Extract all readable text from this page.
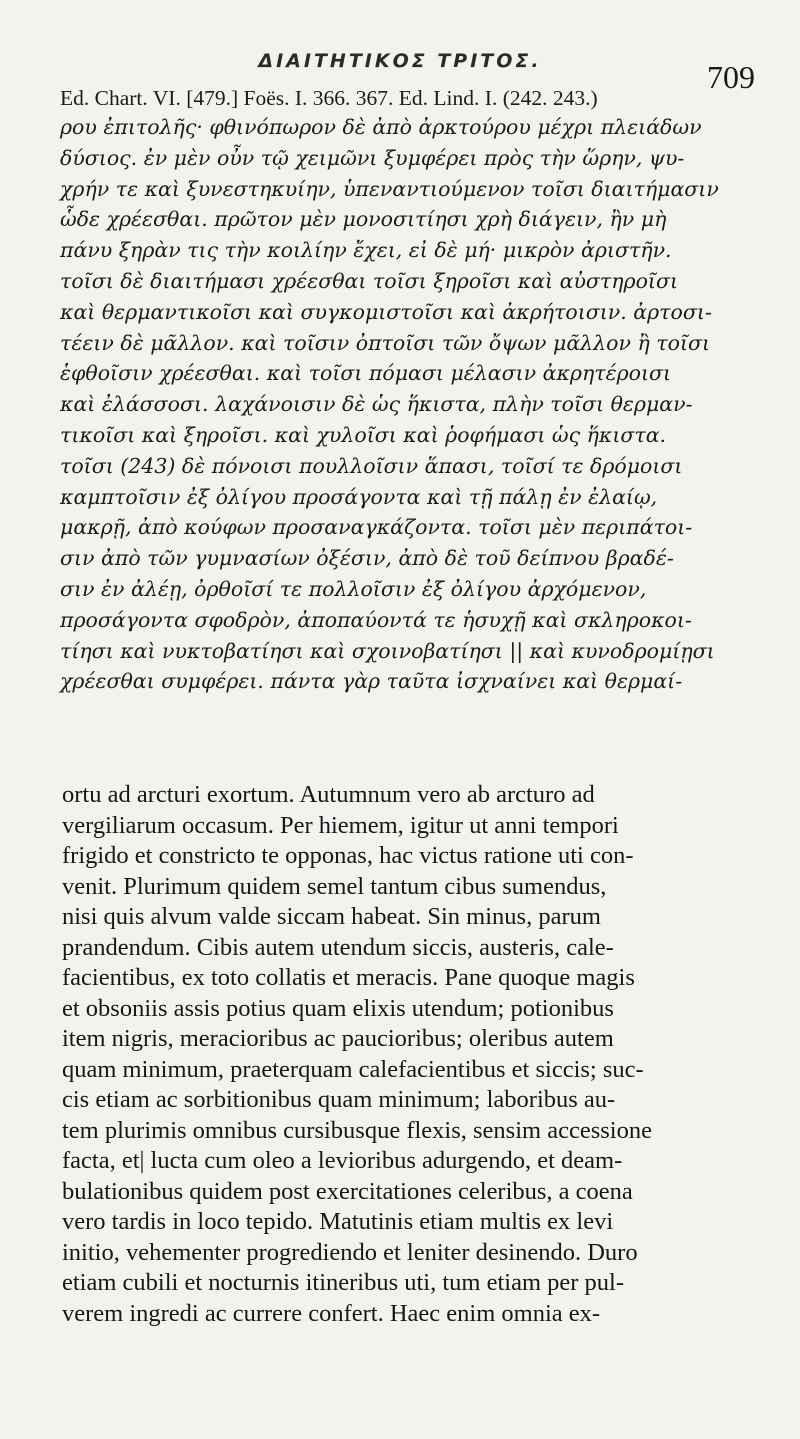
ΔΙΑΙΤΗΤΙΚΟΣ ΤΡΙΤΟΣ.	709
Ed. Chart. VI. [479.] Foës. I. 366. 367. Ed. Lind. I. (242. 243.)
ρου ἐπιτολῆς· φθινόπωρον δὲ ἀπὸ ἀρκτούρου μέχρι πλειάδων
δύσιος. ἐν μὲν οὖν τῷ χειμῶνι ξυμφέρει πρὸς τὴν ὥρην, ψυ-
χρήν τε καὶ ξυνεστηκυίην, ὑπεναντιούμενον τοῖσι διαιτήμασιν
ὧδε χρέεσθαι. πρῶτον μὲν μονοσιτίησι χρὴ διάγειν, ἢν μὴ
πάνυ ξηρὰν τις τὴν κοιλίην ἔχει, εἰ δὲ μή· μικρὸν ἀριστῆν.
τοῖσι δὲ διαιτήμασι χρέεσθαι τοῖσι ξηροῖσι καὶ αὐστηροῖσι
καὶ θερμαντικοῖσι καὶ συγκομιστοῖσι καὶ ἀκρήτοισιν. ἀρτοσι-
τέειν δὲ μᾶλλον. καὶ τοῖσιν ὀπτοῖσι τῶν ὄψων μᾶλλον ἢ τοῖσι
ἑφθοῖσιν χρέεσθαι. καὶ τοῖσι πόμασι μέλασιν ἀκρητέροισι
καὶ ἐλάσσοσι. λαχάνοισιν δὲ ὡς ἥκιστα, πλὴν τοῖσι θερμαν-
τικοῖσι καὶ ξηροῖσι. καὶ χυλοῖσι καὶ ῥοφήμασι ὡς ἥκιστα.
τοῖσι (243) δὲ πόνοισι πουλλοῖσιν ἅπασι, τοῖσί τε δρόμοισι
καμπτοῖσιν ἐξ ὀλίγου προσάγοντα καὶ τῇ πάλῃ ἐν ἐλαίῳ,
μακρῇ, ἀπὸ κούφων προσαναγκάζοντα. τοῖσι μὲν περιπάτοι-
σιν ἀπὸ τῶν γυμνασίων ὀξέσιν, ἀπὸ δὲ τοῦ δείπνου βραδέ-
σιν ἐν ἀλέῃ, ὀρθοῖσί τε πολλοῖσιν ἐξ ὀλίγου ἀρχόμενον,
προσάγοντα σφοδρὸν, ἀποπαύοντά τε ἡσυχῇ καὶ σκληροκοι-
τίησι καὶ νυκτοβατίησι καὶ σχοινοβατίησι || καὶ κυνοδρομίῃσι
χρέεσθαι συμφέρει. πάντα γὰρ ταῦτα ἰσχναίνει καὶ θερμαί-
ortu ad arcturi exortum. Autumnum vero ab arcturo ad
vergiliarum occasum. Per hiemem, igitur ut anni tempori
frigido et constricto te opponas, hac victus ratione uti con-
venit. Plurimum quidem semel tantum cibus sumendus,
nisi quis alvum valde siccam habeat. Sin minus, parum
prandendum. Cibis autem utendum siccis, austeris, cale-
facientibus, ex toto collatis et meracis. Pane quoque magis
et obsoniis assis potius quam elixis utendum; potionibus
item nigris, meracioribus ac paucioribus; oleribus autem
quam minimum, praeterquam calefacientibus et siccis; suc-
cis etiam ac sorbitionibus quam minimum; laboribus au-
tem plurimis omnibus cursibusque flexis, sensim accessione
facta, et| lucta cum oleo a levioribus adurgendo, et deam-
bulationibus quidem post exercitationes celeribus, a coena
vero tardis in loco tepido. Matutinis etiam multis ex levi
initio, vehementer progrediendo et leniter desinendo. Duro
etiam cubili et nocturnis itineribus uti, tum etiam per pul-
verem ingredi ac currere confert. Haec enim omnia ex-
